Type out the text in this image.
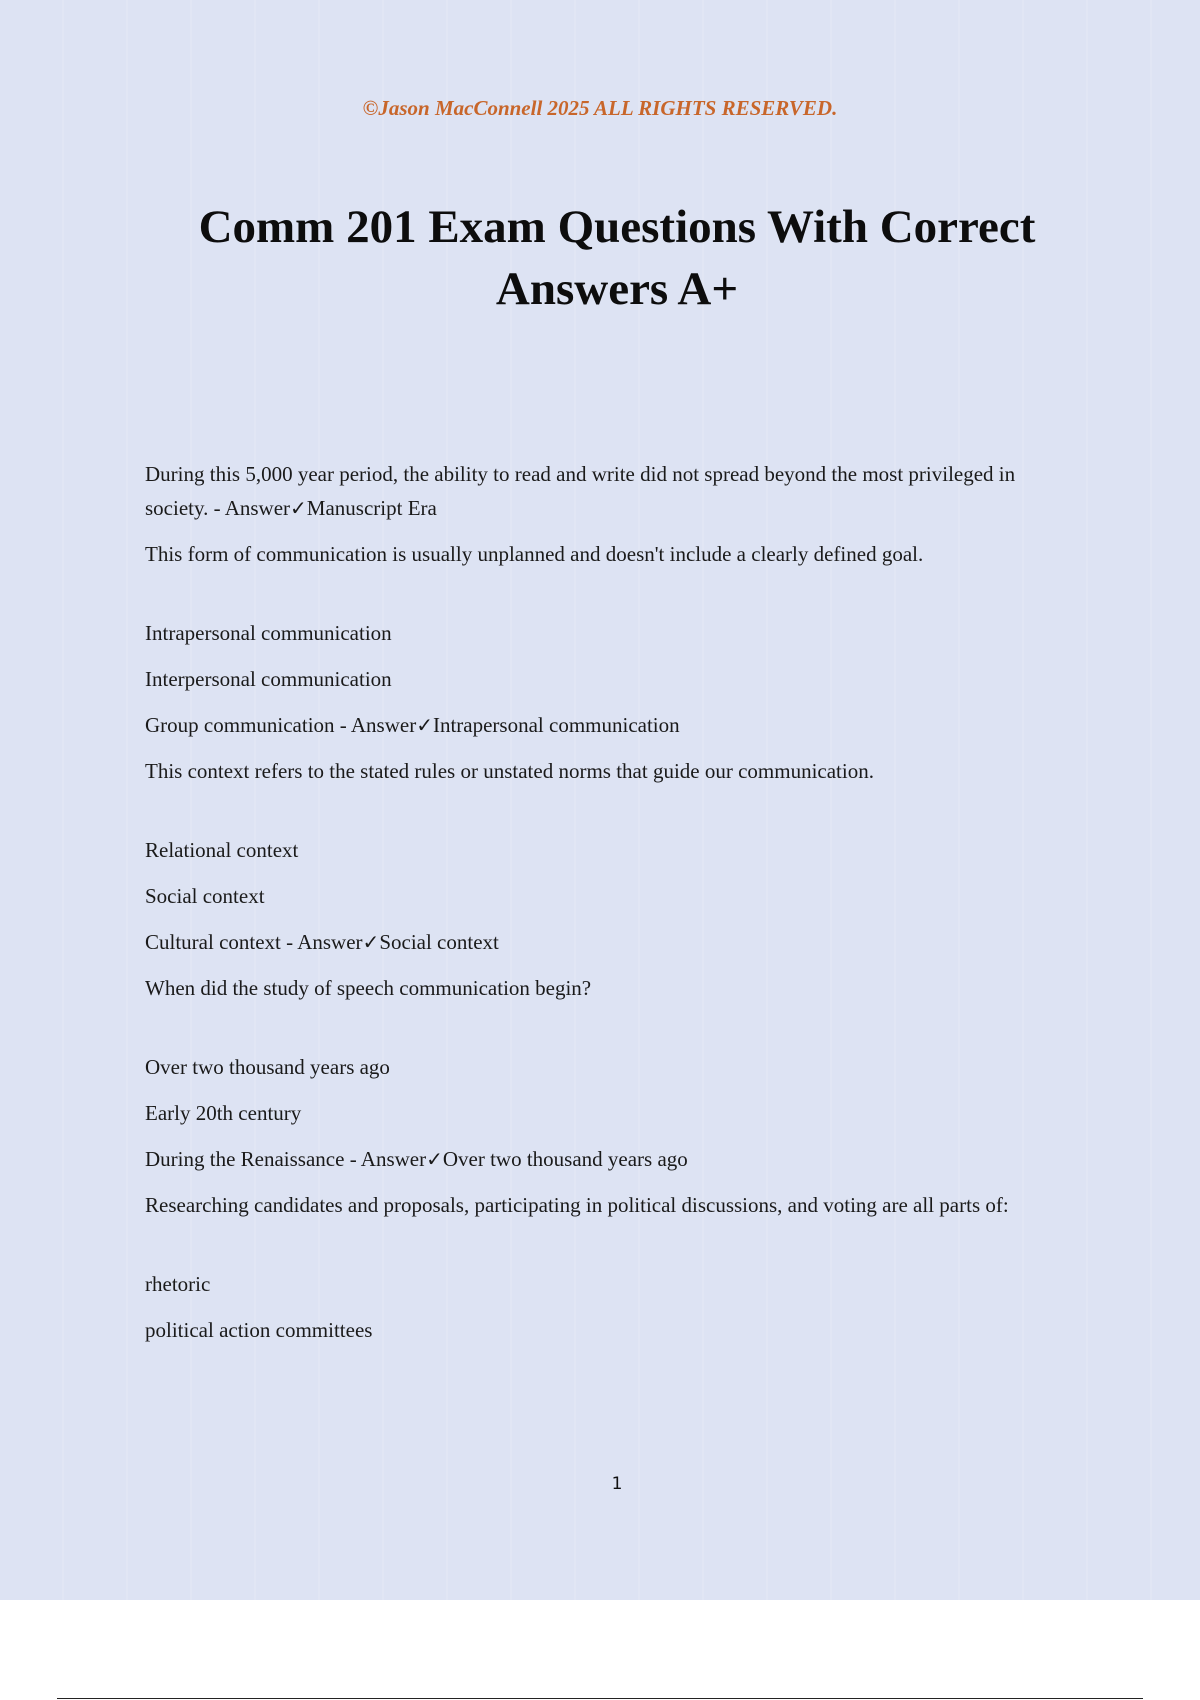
©Jason MacConnell 2025 ALL RIGHTS RESERVED.
Comm 201 Exam Questions With Correct Answers A+

During this 5,000 year period, the ability to read and write did not spread beyond the most privileged in society. - Answer✓Manuscript Era

This form of communication is usually unplanned and doesn't include a clearly defined goal.

Intrapersonal communication

Interpersonal communication

Group communication - Answer✓Intrapersonal communication

This context refers to the stated rules or unstated norms that guide our communication.

Relational context

Social context

Cultural context - Answer✓Social context

When did the study of speech communication begin?

Over two thousand years ago

Early 20th century

During the Renaissance - Answer✓Over two thousand years ago

Researching candidates and proposals, participating in political discussions, and voting are all parts of:

rhetoric

political action committees

1
